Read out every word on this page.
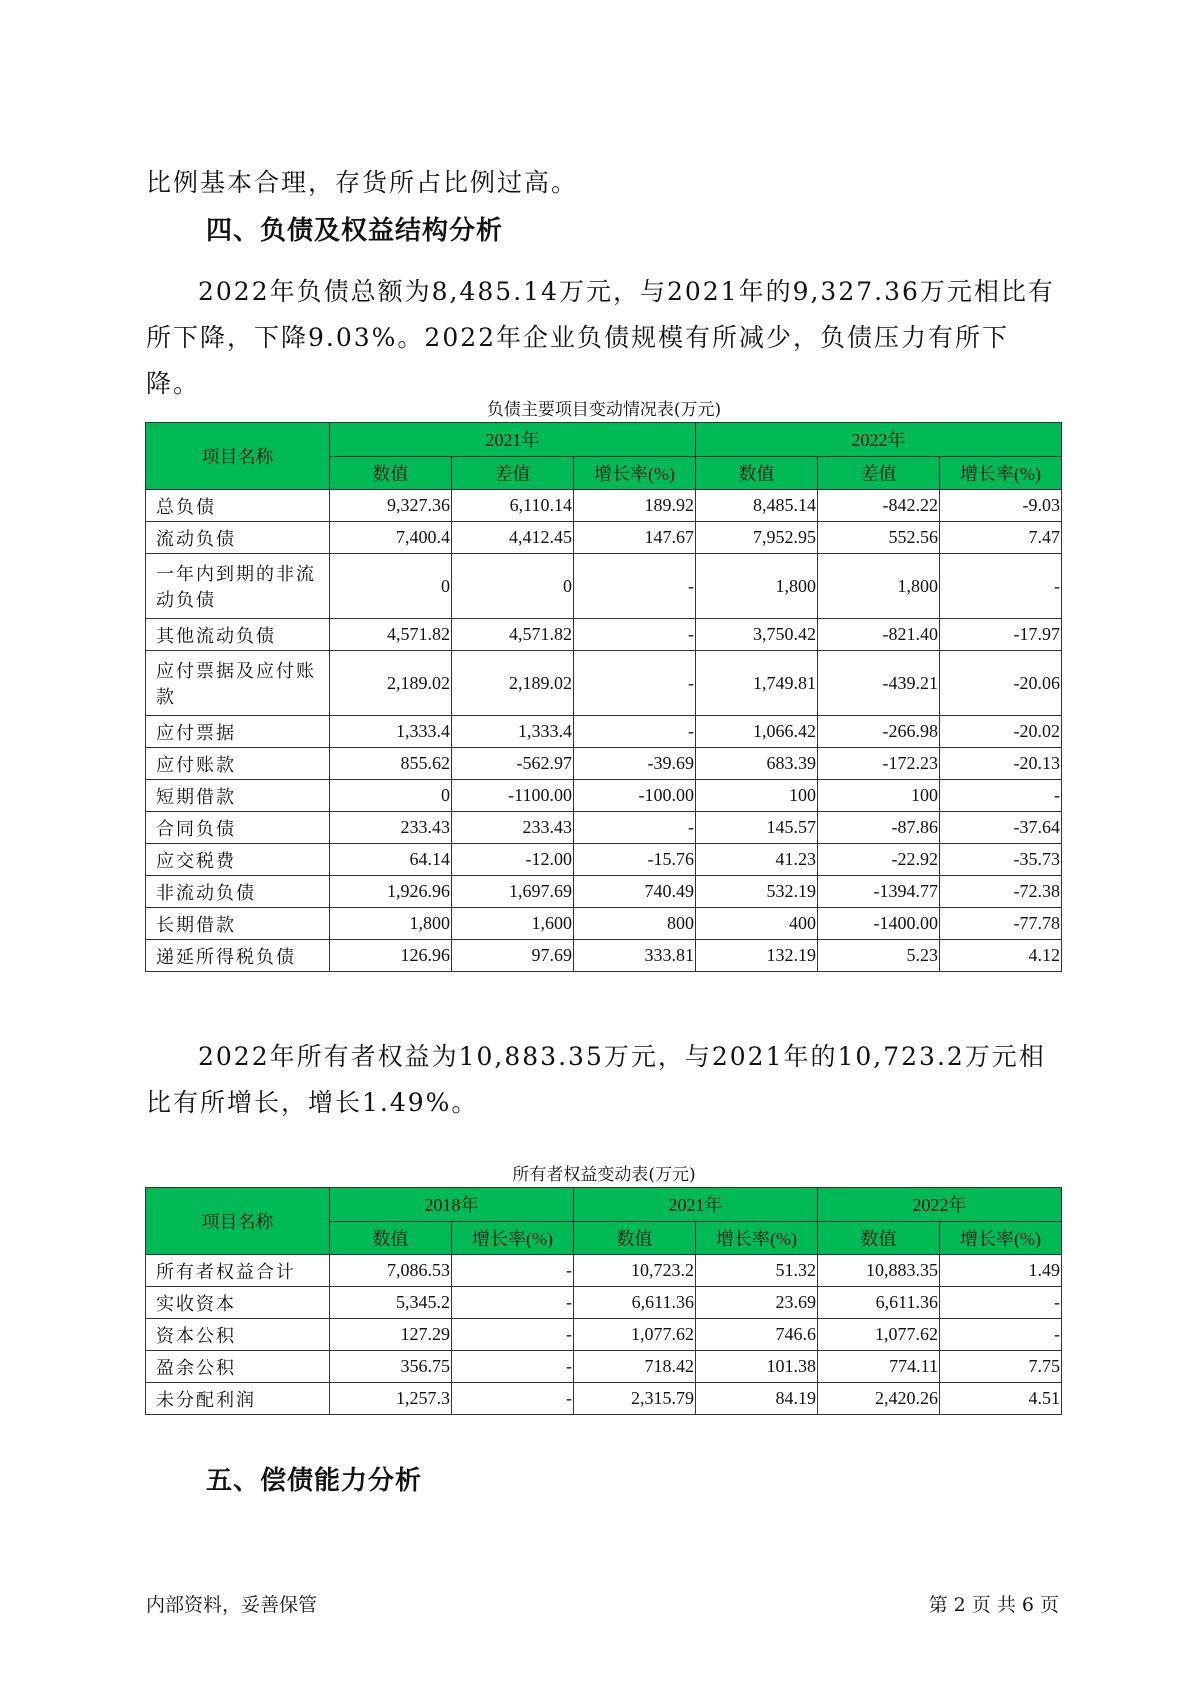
比例基本合理，存货所占比例过高。
四、负债及权益结构分析
2022年负债总额为8,485.14万元，与2021年的9,327.36万元相比有所下降，下降9.03%。2022年企业负债规模有所减少，负债压力有所下降。
负债主要项目变动情况表(万元)
项目名称	2021年			2022年		
	数值	差值	增长率(%)	数值	差值	增长率(%)
总负债	9,327.36	6,110.14	189.92	8,485.14	-842.22	-9.03
流动负债	7,400.4	4,412.45	147.67	7,952.95	552.56	7.47
一年内到期的非流动负债	0	0	-	1,800	1,800	-
其他流动负债	4,571.82	4,571.82	-	3,750.42	-821.40	-17.97
应付票据及应付账款	2,189.02	2,189.02	-	1,749.81	-439.21	-20.06
应付票据	1,333.4	1,333.4	-	1,066.42	-266.98	-20.02
应付账款	855.62	-562.97	-39.69	683.39	-172.23	-20.13
短期借款	0	-1100.00	-100.00	100	100	-
合同负债	233.43	233.43	-	145.57	-87.86	-37.64
应交税费	64.14	-12.00	-15.76	41.23	-22.92	-35.73
非流动负债	1,926.96	1,697.69	740.49	532.19	-1394.77	-72.38
长期借款	1,800	1,600	800	400	-1400.00	-77.78
递延所得税负债	126.96	97.69	333.81	132.19	5.23	4.12
2022年所有者权益为10,883.35万元，与2021年的10,723.2万元相比有所增长，增长1.49%。
所有者权益变动表(万元)
项目名称	2018年		2021年		2022年	
	数值	增长率(%)	数值	增长率(%)	数值	增长率(%)
所有者权益合计	7,086.53	-	10,723.2	51.32	10,883.35	1.49
实收资本	5,345.2	-	6,611.36	23.69	6,611.36	-
资本公积	127.29	-	1,077.62	746.6	1,077.62	-
盈余公积	356.75	-	718.42	101.38	774.11	7.75
未分配利润	1,257.3	-	2,315.79	84.19	2,420.26	4.51
五、偿债能力分析
内部资料，妥善保管	第 2 页 共 6 页
